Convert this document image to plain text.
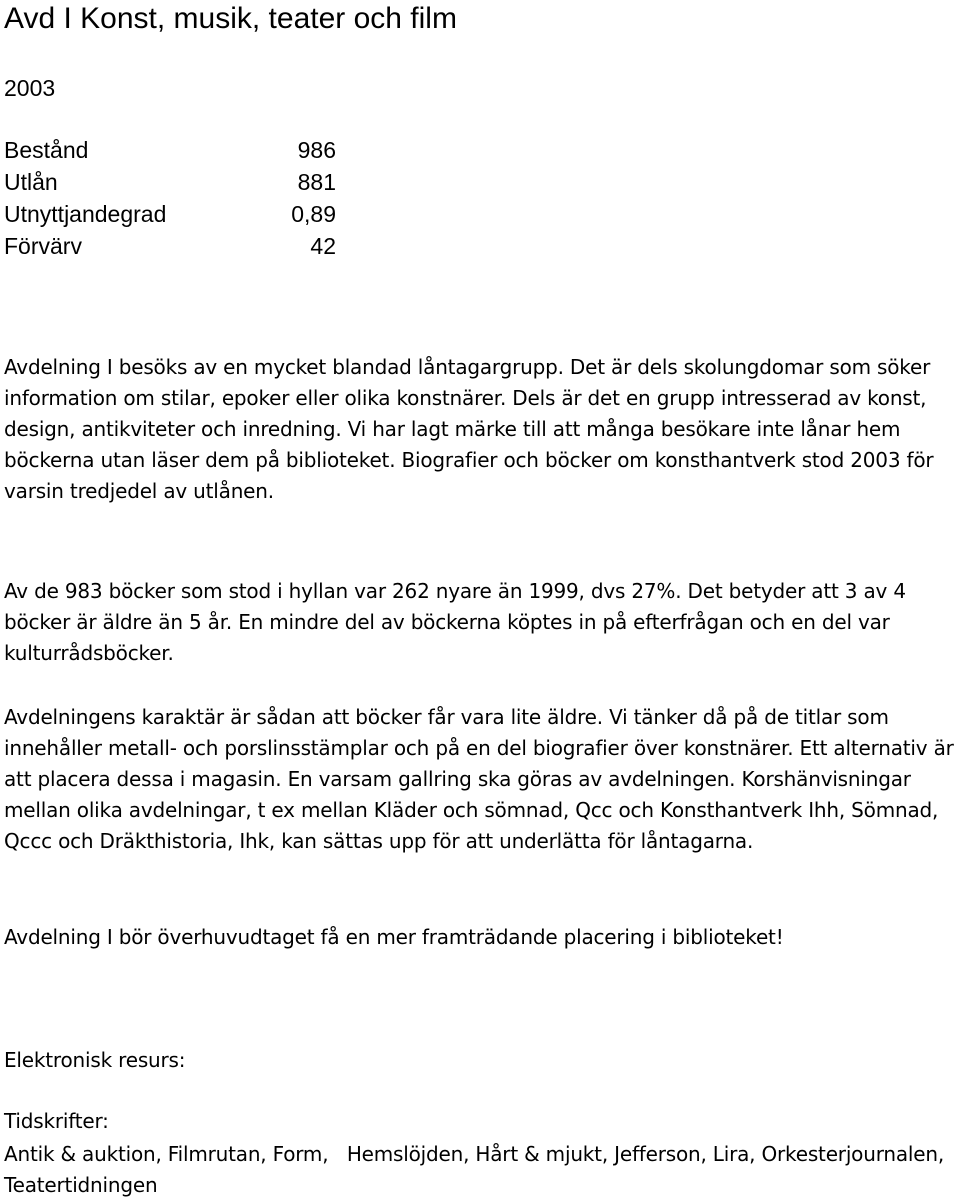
Avd I Konst, musik, teater och film
2003
Bestånd	986
Utlån	881
Utnyttjandegrad	0,89
Förvärv	42

Avdelning I besöks av en mycket blandad låntagargrupp. Det är dels skolungdomar som söker information om stilar, epoker eller olika konstnärer. Dels är det en grupp intresserad av konst, design, antikviteter och inredning. Vi har lagt märke till att många besökare inte lånar hem böckerna utan läser dem på biblioteket. Biografier och böcker om konsthantverk stod 2003 för varsin tredjedel av utlånen.

Av de 983 böcker som stod i hyllan var 262 nyare än 1999, dvs 27%. Det betyder att 3 av 4 böcker är äldre än 5 år. En mindre del av böckerna köptes in på efterfrågan och en del var kulturrådsböcker.

Avdelningens karaktär är sådan att böcker får vara lite äldre. Vi tänker då på de titlar som innehåller metall- och porslinsstämplar och på en del biografier över konstnärer. Ett alternativ är att placera dessa i magasin. En varsam gallring ska göras av avdelningen. Korshänvisningar mellan olika avdelningar, t ex mellan Kläder och sömnad, Qcc och Konsthantverk Ihh, Sömnad, Qccc och Dräkthistoria, Ihk, kan sättas upp för att underlätta för låntagarna.

Avdelning I bör överhuvudtaget få en mer framträdande placering i biblioteket!

Elektronisk resurs:
Tidskrifter:
Antik & auktion, Filmrutan, Form,   Hemslöjden, Hårt & mjukt, Jefferson, Lira, Orkesterjournalen, Teatertidningen
